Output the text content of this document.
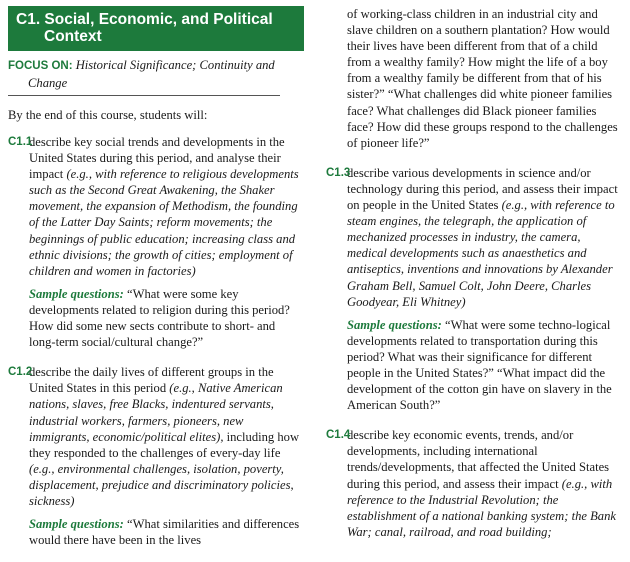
C1. Social, Economic, and Political
Context
FOCUS ON: Historical Significance; Continuity and
Change
By the end of this course, students will:
C1.1
describe key social trends and developments in the United States during this period, and analyse their impact (e.g., with reference to religious developments such as the Second Great Awakening, the Shaker movement, the expansion of Methodism, the founding of the Latter Day Saints; reform movements; the beginnings of public education; increasing class and ethnic divisions; the growth of cities; employment of children and women in factories)
Sample questions: “What were some key developments related to religion during this period? How did some new sects contribute to short- and long-term social/cultural change?”
C1.2
describe the daily lives of different groups in the United States in this period (e.g., Native American nations, slaves, free Blacks, indentured servants, industrial workers, farmers, pioneers, new immigrants, economic/political elites), including how they responded to the challenges of every-day life (e.g., environmental challenges, isolation, poverty, displacement, prejudice and discriminatory policies, sickness)
Sample questions: “What similarities and differences would there have been in the lives
of working-class children in an industrial city and slave children on a southern plantation? How would their lives have been different from that of a child from a wealthy family? How might the life of a boy from a wealthy family be different from that of his sister?” “What challenges did white pioneer families face? What challenges did Black pioneer families face? How did these groups respond to the challenges of pioneer life?”
C1.3
describe various developments in science and/or technology during this period, and assess their impact on people in the United States (e.g., with reference to steam engines, the telegraph, the application of mechanized processes in industry, the camera, medical developments such as anaesthetics and antiseptics, inventions and innovations by Alexander Graham Bell, Samuel Colt, John Deere, Charles Goodyear, Eli Whitney)
Sample questions: “What were some techno-logical developments related to transportation during this period? What was their significance for different people in the United States?” “What impact did the development of the cotton gin have on slavery in the American South?”
C1.4
describe key economic events, trends, and/or developments, including international trends/developments, that affected the United States during this period, and assess their impact (e.g., with reference to the Industrial Revolution; the establishment of a national banking system; the Bank War; canal, railroad, and road building;
